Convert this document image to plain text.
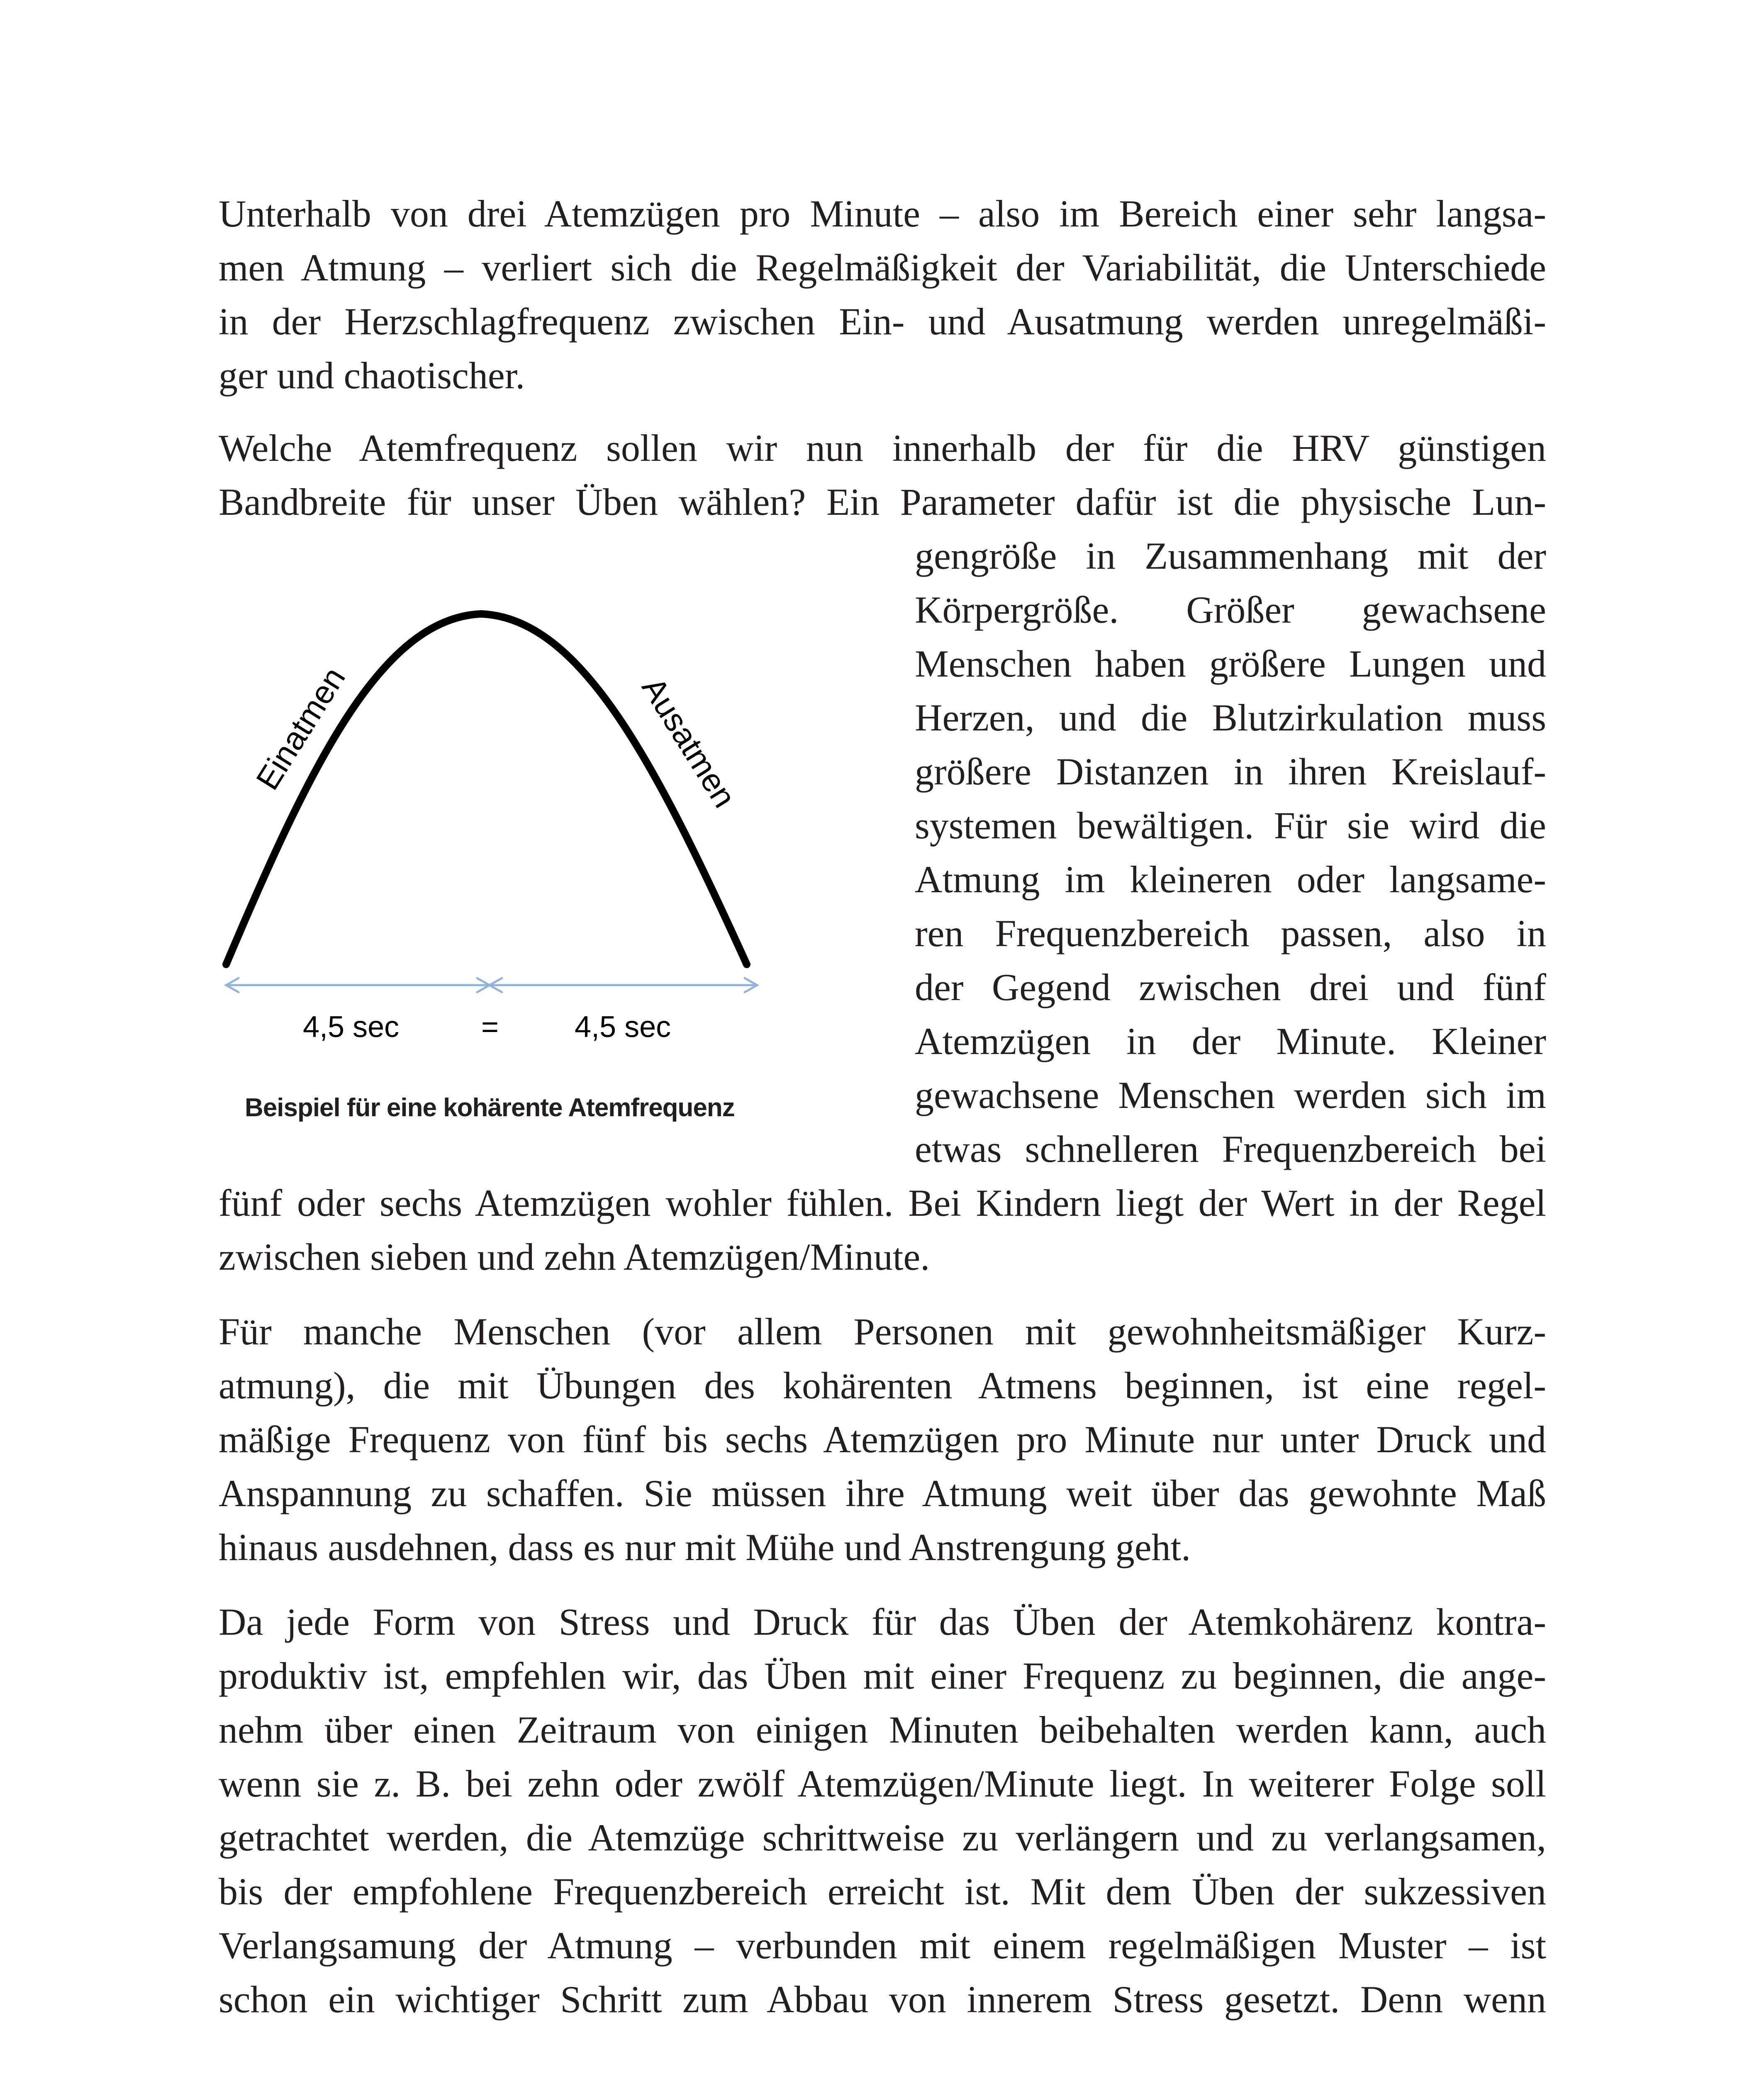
Unterhalb von drei Atemzügen pro Minute – also im Bereich einer sehr langsa-
men Atmung – verliert sich die Regelmäßigkeit der Variabilität, die Unterschiede
in der Herzschlagfrequenz zwischen Ein- und Ausatmung werden unregelmäßi-
ger und chaotischer.
Welche Atemfrequenz sollen wir nun innerhalb der für die HRV günstigen
Bandbreite für unser Üben wählen? Ein Parameter dafür ist die physische Lun-
gengröße in Zusammenhang mit der
Körpergröße. Größer gewachsene
Menschen haben größere Lungen und
Herzen, und die Blutzirkulation muss
größere Distanzen in ihren Kreislauf-
systemen bewältigen. Für sie wird die
Atmung im kleineren oder langsame-
ren Frequenzbereich passen, also in
der Gegend zwischen drei und fünf
Atemzügen in der Minute. Kleiner
gewachsene Menschen werden sich im
etwas schnelleren Frequenzbereich bei
fünf oder sechs Atemzügen wohler fühlen. Bei Kindern liegt der Wert in der Regel
zwischen sieben und zehn Atemzügen/Minute.
Für manche Menschen (vor allem Personen mit gewohnheitsmäßiger Kurz-
atmung), die mit Übungen des kohärenten Atmens beginnen, ist eine regel-
mäßige Frequenz von fünf bis sechs Atemzügen pro Minute nur unter Druck und
Anspannung zu schaffen. Sie müssen ihre Atmung weit über das gewohnte Maß
hinaus ausdehnen, dass es nur mit Mühe und Anstrengung geht.
Da jede Form von Stress und Druck für das Üben der Atemkohärenz kontra-
produktiv ist, empfehlen wir, das Üben mit einer Frequenz zu beginnen, die ange-
nehm über einen Zeitraum von einigen Minuten beibehalten werden kann, auch
wenn sie z. B. bei zehn oder zwölf Atemzügen/Minute liegt. In weiterer Folge soll
getrachtet werden, die Atemzüge schrittweise zu verlängern und zu verlangsamen,
bis der empfohlene Frequenzbereich erreicht ist. Mit dem Üben der sukzessiven
Verlangsamung der Atmung – verbunden mit einem regelmäßigen Muster – ist
schon ein wichtiger Schritt zum Abbau von innerem Stress gesetzt. Denn wenn
Einatmen	Ausatmen
4,5 sec	=	4,5 sec
Beispiel für eine kohärente Atemfrequenz
